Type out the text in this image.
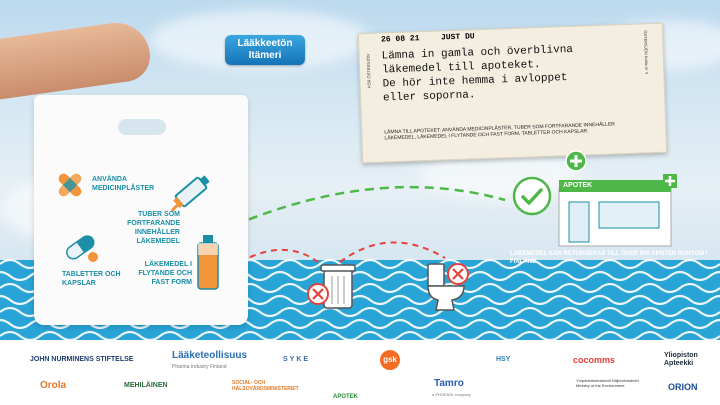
ANVÄNDA MEDICINPLÅSTER
TUBER SOM FORTFARANDE INNEHÅLLER LÄKEMEDEL
TABLETTER OCH KAPSLAR
LÄKEMEDEL I FLYTANDE OCH FAST FORM
Lääkkeetön
Itämeri
26 08 21	JUST DU
Lämna in gamla och överblivna
läkemedel till apoteket.
De hör inte hemma i avloppet
eller soporna.
LÄMNA TILL APOTEKET: ANVÄNDA MEDICINPLÅSTER, TUBER SOM FORTFARANDE INNEHÅLLER LÄKEMEDEL, LÄKEMEDEL I FLYTANDE OCH FAST FORM, TABLETTER OCH KAPSLAR.
FÖR ÖSTERSJÖN	ÖSTERSJÖN Kvitto nr 4
APOTEK
LÄKEMEDEL KAN RETURNERAS TILL ÖVER 800 APOTEK RUNTOM I FINLAND.
JOHN NURMINENS STIFTELSE	Lääketeollisuus
Pharma Industry Finland
SYKE	gsk	HSY	cocomms	Yliopiston Apteekki
Orola	MEHILÄINEN	SOCIAL- OCH HÄLSOVÅRDSMINISTERIET
APOTEK
Tamro
a PHOENIX company
Ympäristöministeriö Miljöministeriet Ministry of the Environment	ORION
